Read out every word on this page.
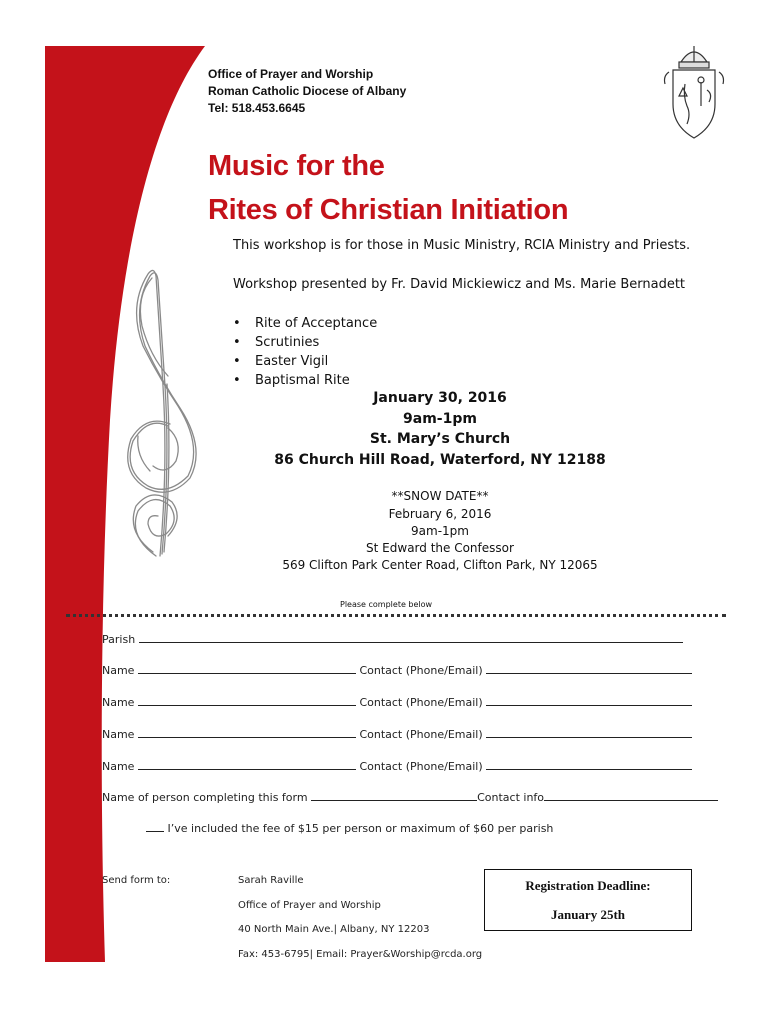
Office of Prayer and Worship
Roman Catholic Diocese of Albany
Tel: 518.453.6645
Music for the
Rites of Christian Initiation
This workshop is for those in Music Ministry, RCIA Ministry and Priests.
Workshop presented by Fr. David Mickiewicz and Ms. Marie Bernadett
• Rite of Acceptance
• Scrutinies
• Easter Vigil
• Baptismal Rite
January 30, 2016
9am-1pm
St. Mary’s Church
86 Church Hill Road, Waterford, NY 12188
**SNOW DATE**
February 6, 2016
9am-1pm
St Edward the Confessor
569 Clifton Park Center Road, Clifton Park, NY 12065
Please complete below
Parish
Name	Contact (Phone/Email)
Name	Contact (Phone/Email)
Name	Contact (Phone/Email)
Name	Contact (Phone/Email)
Name of person completing this form	Contact info
I’ve included the fee of $15 per person or maximum of $60 per parish
Send form to:	Sarah Raville
Office of Prayer and Worship
40 North Main Ave.| Albany, NY 12203
Fax: 453-6795| Email: Prayer&Worship@rcda.org
Registration Deadline:
January 25th
